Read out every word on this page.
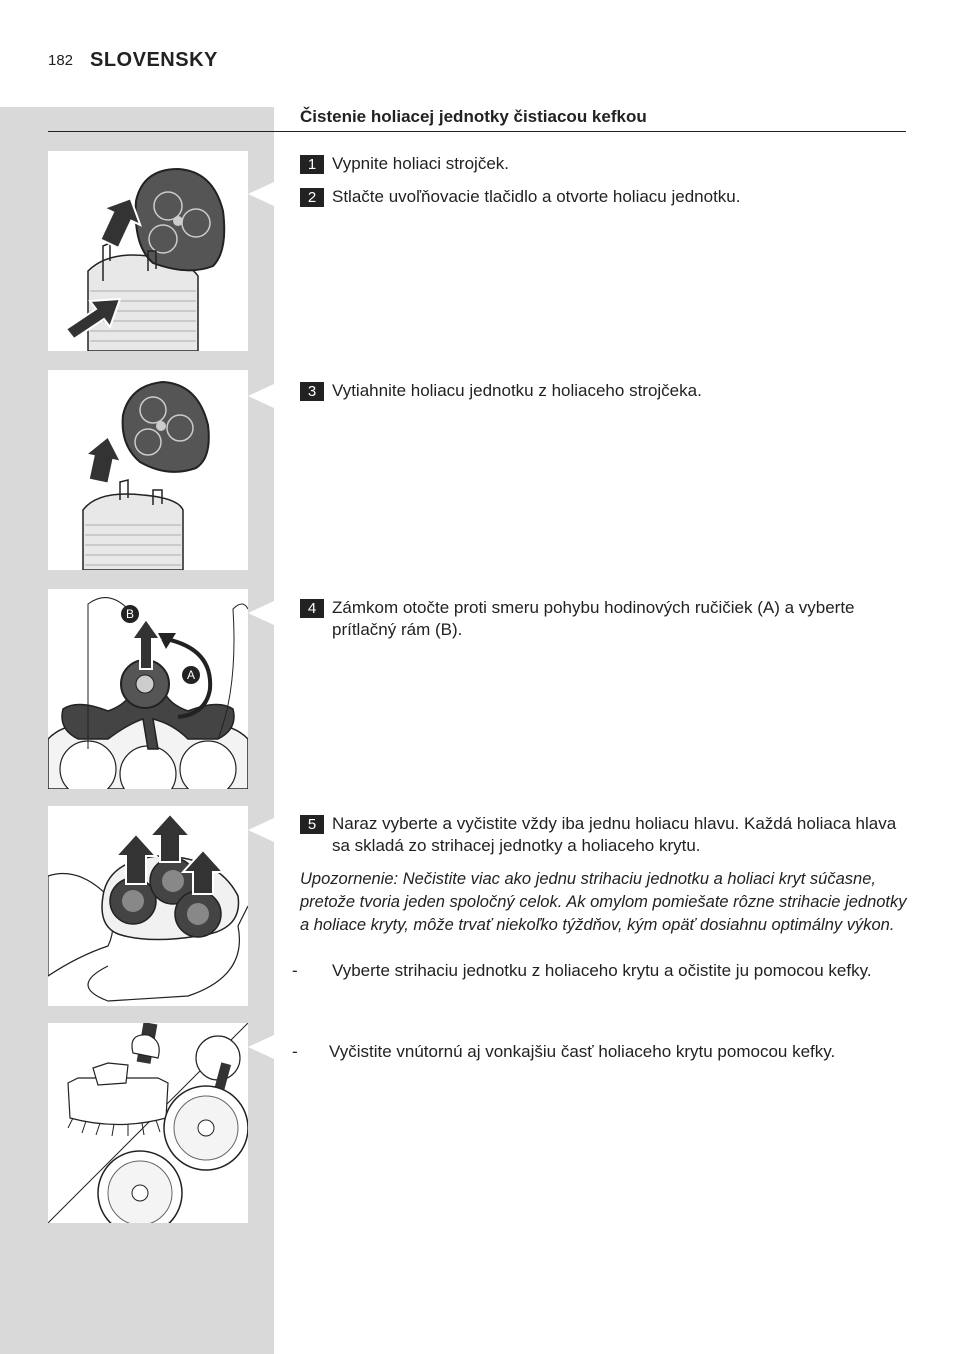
182 SLOVENSKY
Čistenie holiacej jednotky čistiacou kefkou
B
A
1 Vypnite holiaci strojček.
2 Stlačte uvoľňovacie tlačidlo a otvorte holiacu jednotku.
3 Vytiahnite holiacu jednotku z holiaceho strojčeka.
4 Zámkom otočte proti smeru pohybu hodinových ručičiek (A) a vyberte prítlačný rám (B).
5 Naraz vyberte a vyčistite vždy iba jednu holiacu hlavu. Každá holiaca hlava sa skladá zo strihacej jednotky a holiaceho krytu.
Upozornenie: Nečistite viac ako jednu strihaciu jednotku a holiaci kryt súčasne, pretože tvoria jeden spoločný celok. Ak omylom pomiešate rôzne strihacie jednotky a holiace kryty, môže trvať niekoľko týždňov, kým opäť dosiahnu optimálny výkon.
- Vyberte strihaciu jednotku z holiaceho krytu a očistite ju pomocou kefky.
- Vyčistite vnútornú aj vonkajšiu časť holiaceho krytu pomocou kefky.
